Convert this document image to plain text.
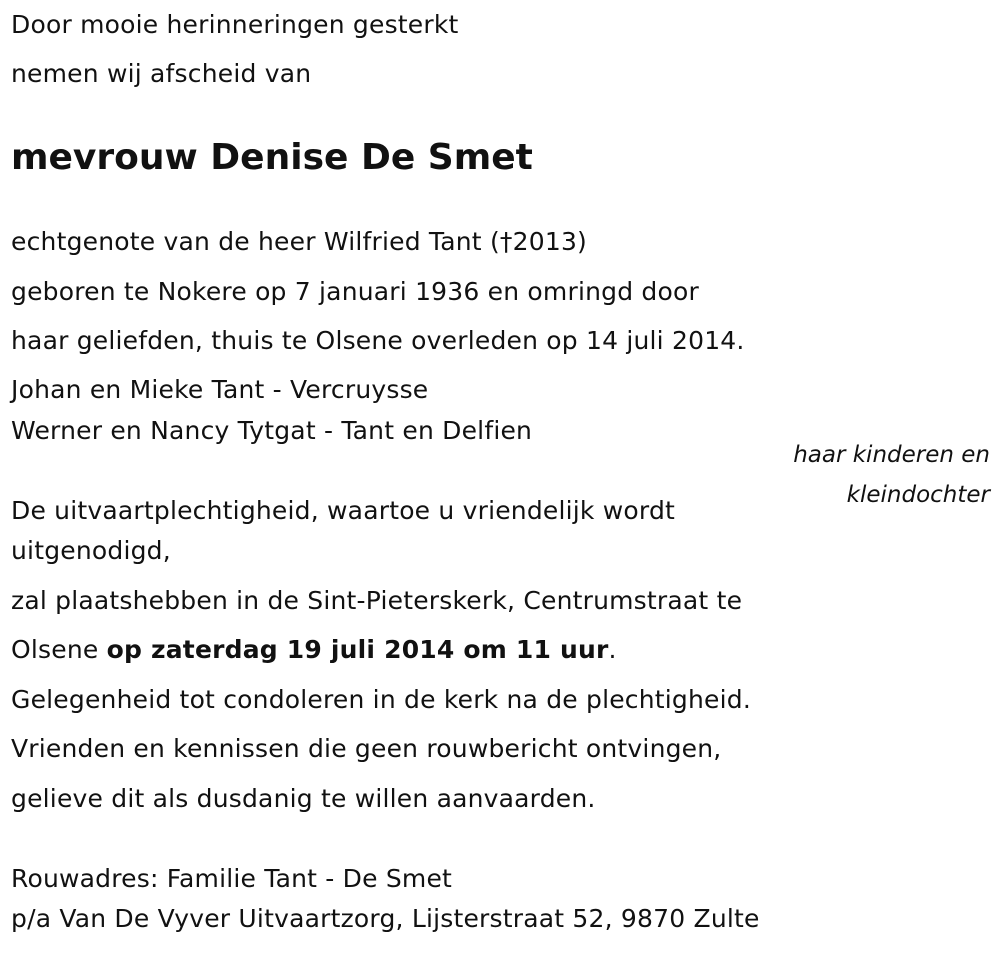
Door mooie herinneringen gesterkt
nemen wij afscheid van
mevrouw Denise De Smet
echtgenote van de heer Wilfried Tant (†2013)
geboren te Nokere op 7 januari 1936 en omringd door
haar geliefden, thuis te Olsene overleden op 14 juli 2014.
Johan en Mieke Tant - Vercruysse
Werner en Nancy Tytgat - Tant en Delfien
haar kinderen en
kleindochter
De uitvaartplechtigheid, waartoe u vriendelijk wordt
uitgenodigd,
zal plaatshebben in de Sint-Pieterskerk, Centrumstraat te
Olsene op zaterdag 19 juli 2014 om 11 uur.
Gelegenheid tot condoleren in de kerk na de plechtigheid.
Vrienden en kennissen die geen rouwbericht ontvingen,
gelieve dit als dusdanig te willen aanvaarden.
Rouwadres: Familie Tant - De Smet
p/a Van De Vyver Uitvaartzorg, Lijsterstraat 52, 9870 Zulte
